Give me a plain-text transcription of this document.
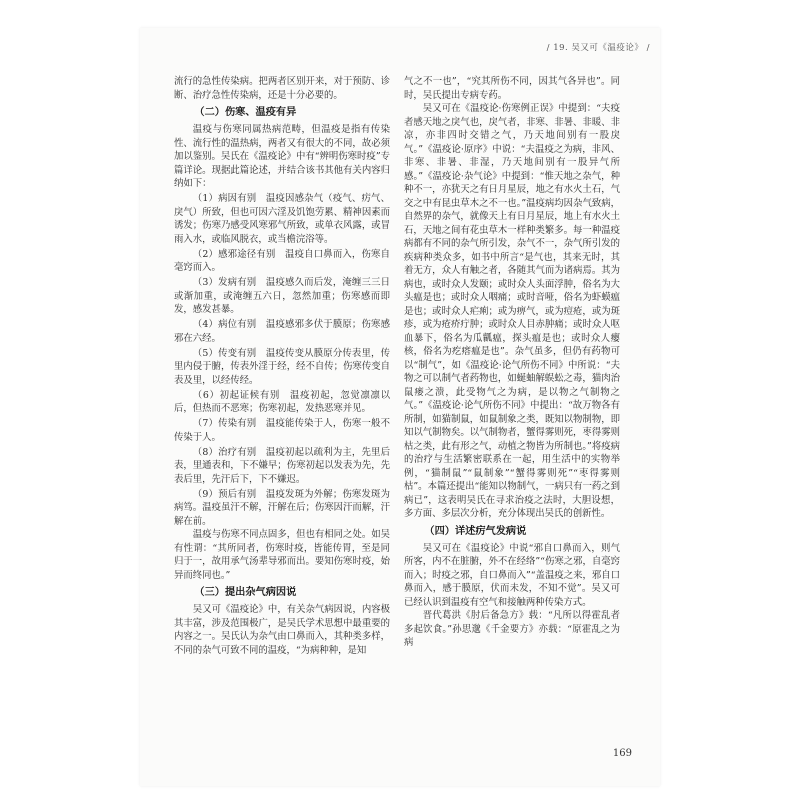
/ 19. 吴又可《温疫论》 /

流行的急性传染病。把两者区别开来，对于预防、诊断、治疗急性传染病，还是十分必要的。

（二）伤寒、温疫有异

温疫与伤寒同属热病范畴，但温疫是指有传染性、流行性的温热病，两者又有很大的不同，故必须加以鉴别。吴氏在《温疫论》中有“辨明伤寒时疫”专篇详论。现据此篇论述，并结合该书其他有关内容归纳如下：

（1）病因有别　温疫因感杂气（疫气、疠气、戾气）所致，但也可因六淫及饥饱劳累、精神因素而诱发；伤寒乃感受风寒邪气所致，或单衣风露，或冒雨入水，或临风脱衣，或当檐浣浴等。

（2）感邪途径有别　温疫自口鼻而入，伤寒自毫窍而入。

（3）发病有别　温疫感久而后发，淹缠三三日或渐加重，或淹缠五六日，忽然加重；伤寒感而即发，感发甚暴。

（4）病位有别　温疫感邪多伏于膜原；伤寒感邪在六经。

（5）传变有别　温疫传变从膜原分传表里，传里内侵于腑，传表外淫于经，经不自传；伤寒传变自表及里，以经传经。

（6）初起证候有别　温疫初起，忽觉凛凛以后，但热而不恶寒；伤寒初起，发热恶寒并见。

（7）传染有别　温疫能传染于人，伤寒一般不传染于人。

（8）治疗有别　温疫初起以疏利为主，先里后表，里通表和，下不嫌早；伤寒初起以发表为先，先表后里，先汗后下，下不嫌迟。

（9）预后有别　温疫发斑为外解；伤寒发斑为病笃。温疫虽汗不解，汗解在后；伤寒因汗而解，汗解在前。

温疫与伤寒不同点固多，但也有相同之处。如吴有性谓：“其所同者，伤寒时疫，皆能传胃，至是同归于一，故用承气汤辈导邪而出。要知伤寒时疫，始异而终同也。”

（三）提出杂气病因说

吴又可《温疫论》中，有关杂气病因说，内容极其丰富，涉及范围极广，是吴氏学术思想中最重要的内容之一。吴氏认为杂气由口鼻而入，其种类多样，不同的杂气可致不同的温疫，“为病种种，是知

气之不一也”，“究其所伤不同，因其气各异也”。同时，吴氏提出专病专药。

吴又可在《温疫论·伤寒例正误》中提到：“夫疫者感天地之戾气也，戾气者，非寒、非暑、非暖、非凉，亦非四时交错之气，乃天地间别有一股戾气。”《温疫论·原序》中说：“夫温疫之为病，非风、非寒、非暑、非湿，乃天地间别有一股异气所感。”《温疫论·杂气论》中提到：“惟天地之杂气，种种不一，亦犹天之有日月星辰，地之有水火土石，气交之中有昆虫草木之不一也。”温疫病均因杂气致病，自然界的杂气，就像天上有日月星辰，地上有水火土石，天地之间有花虫草木一样种类繁多。每一种温疫病都有不同的杂气所引发，杂气不一，杂气所引发的疾病种类众多，如书中所言“是气也，其来无时，其着无方，众人有触之者，各随其气而为诸病焉。其为病也，或时众人发颐；或时众人头面浮肿，俗名为大头瘟是也；或时众人咽痛；或时音哑，俗名为虾蟆瘟是也；或时众人疟痢；或为痹气，或为痘疮，或为斑疹，或为疮疥疔肿；或时众人目赤肿痛；或时众人呕血暴下，俗名为瓜瓤瘟，探头瘟是也；或时众人瘿核，俗名为疙瘩瘟是也”。杂气虽多，但仍有药物可以“制气”，如《温疫论·论气所伤不同》中所说：“夫物之可以制气者药物也，如蜒蚰解蜈蚣之毒，猫肉治鼠瘘之溃，此受物气之为病，是以物之气制物之气。”《温疫论·论气所伤不同》中提出：“故万物各有所制，如猫制鼠，如鼠制象之类，既知以物制物，即知以气制物矣。以气制物者，蟹得雾则死，枣得雾则枯之类，此有形之气，动植之物皆为所制也。”将疫病的治疗与生活繁密联系在一起，用生活中的实物举例，“猫制鼠”“鼠制象”“蟹得雾则死”“枣得雾则枯”。本篇还提出“能知以物制气，一病只有一药之到病已”，这表明吴氏在寻求治疫之法时，大胆设想，多方面、多层次分析，充分体现出吴氏的创新性。

（四）详述疠气发病说

吴又可在《温疫论》中说“邪自口鼻而入，则气所客，内不在脏腑，外不在经络”“伤寒之邪，自毫窍而入；时疫之邪，自口鼻而入”“盖温疫之来，邪自口鼻而入，感于膜原，伏而未发，不知不觉”。吴又可已经认识到温疫有空气和接触两种传染方式。

晋代葛洪《肘后备急方》载：“凡所以得霍乱者多起饮食。”孙思邈《千金要方》亦载：“原霍乱之为病

169
